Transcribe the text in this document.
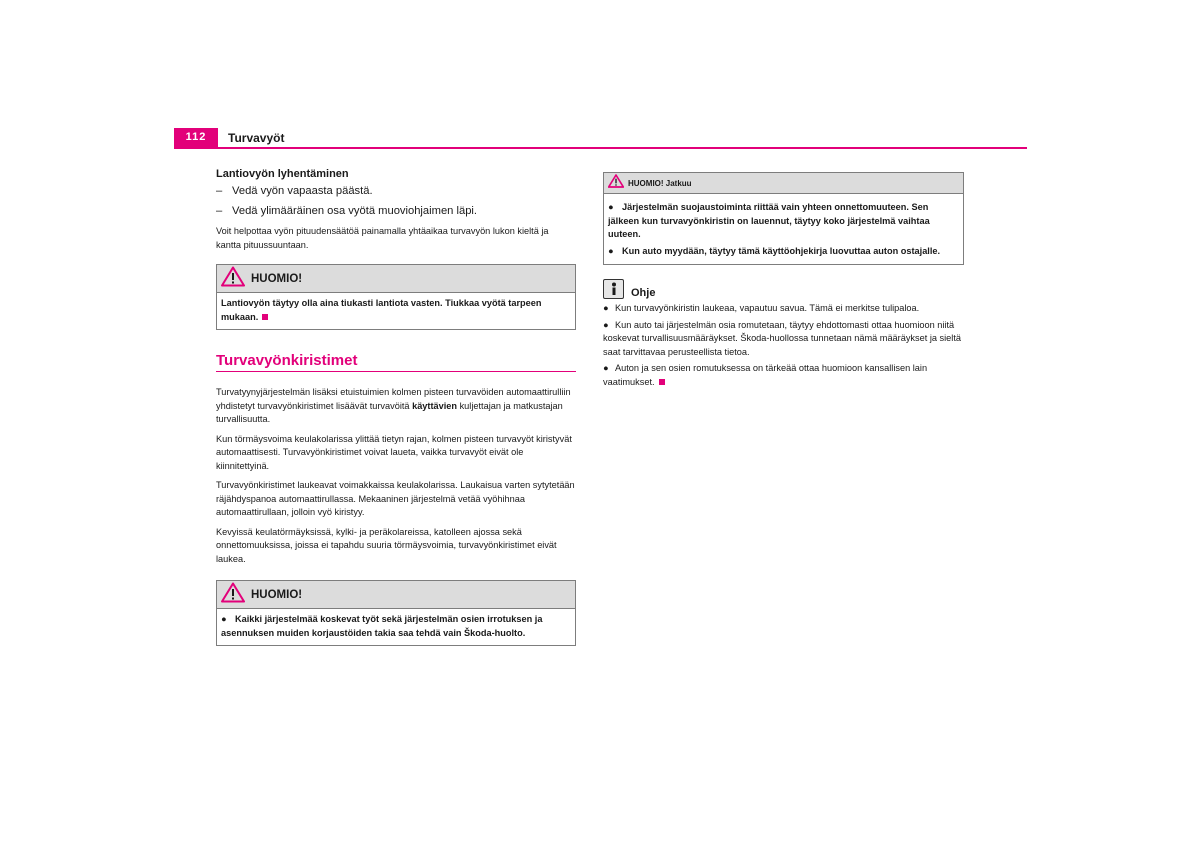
112	Turvavyöt

Lantiovyön lyhentäminen

– Vedä vyön vapaasta päästä.
– Vedä ylimääräinen osa vyötä muoviohjaimen läpi.

Voit helpottaa vyön pituudensäätöä painamalla yhtäaikaa turvavyön lukon kieltä ja kantta pituussuuntaan.

HUOMIO!
Lantiovyön täytyy olla aina tiukasti lantiota vasten. Tiukkaa vyötä tarpeen mukaan.
Turvavyönkiristimet

Turvatyynyjärjestelmän lisäksi etuistuimien kolmen pisteen turvavöiden automaattirulliin yhdistetyt turvavyönkiristimet lisäävät turvavöitä käyttävien kuljettajan ja matkustajan turvallisuutta.

Kun törmäysvoima keulakolarissa ylittää tietyn rajan, kolmen pisteen turvavyöt kiristyvät automaattisesti. Turvavyönkiristimet voivat laueta, vaikka turvavyöt eivät ole kiinnitettyinä.

Turvavyönkiristimet laukeavat voimakkaissa keulakolarissa. Laukaisua varten sytytetään räjähdyspanoa automaattirullassa. Mekaaninen järjestelmä vetää vyöhihnaa automaattirullaan, jolloin vyö kiristyy.

Kevyissä keulatörmäyksissä, kylki- ja peräkolareissa, katolleen ajossa sekä onnettomuuksissa, joissa ei tapahdu suuria törmäysvoimia, turvavyönkiristimet eivät laukea.

HUOMIO!
● Kaikki järjestelmää koskevat työt sekä järjestelmän osien irrotuksen ja asennuksen muiden korjaustöiden takia saa tehdä vain Škoda-huolto.
HUOMIO! Jatkuu

● Järjestelmän suojaustoiminta riittää vain yhteen onnettomuuteen. Sen jälkeen kun turvavyönkiristin on lauennut, täytyy koko järjestelmä vaihtaa uuteen.

● Kun auto myydään, täytyy tämä käyttöohjekirja luovuttaa auton ostajalle.

Ohje

● Kun turvavyönkiristin laukeaa, vapautuu savua. Tämä ei merkitse tulipaloa.

● Kun auto tai järjestelmän osia romutetaan, täytyy ehdottomasti ottaa huomioon niitä koskevat turvallisuusmääräykset. Škoda-huollossa tunnetaan nämä määräykset ja sieltä saat tarvittavaa perusteellista tietoa.

● Auton ja sen osien romutuksessa on tärkeää ottaa huomioon kansallisen lain vaatimukset.
